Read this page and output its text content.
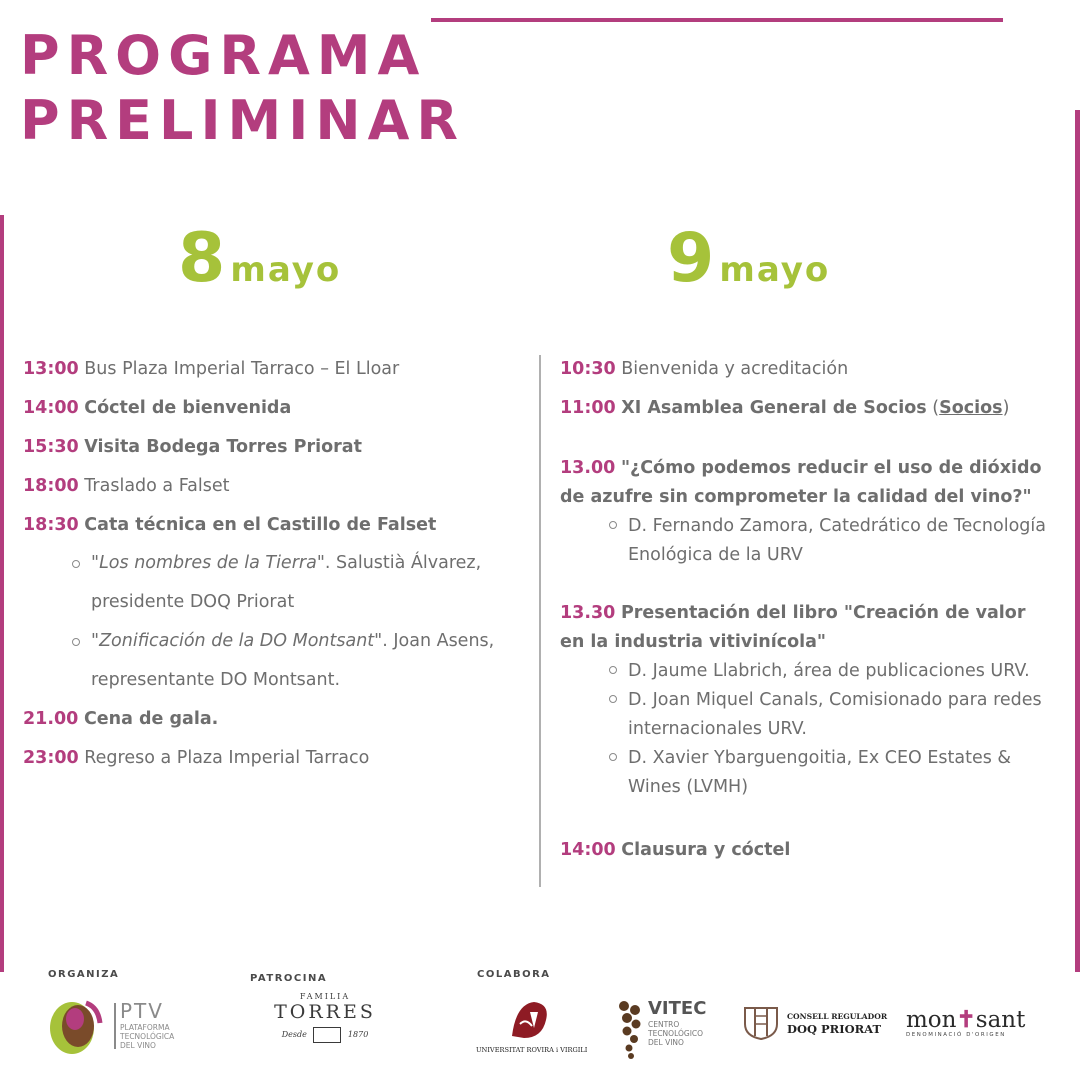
PROGRAMA
PRELIMINAR
8 mayo	9 mayo
13:00 Bus Plaza Imperial Tarraco – El Lloar
14:00 Cóctel de bienvenida
15:30 Visita Bodega Torres Priorat
18:00 Traslado a Falset
18:30 Cata técnica en el Castillo de Falset
"Los nombres de la Tierra". Salustià Álvarez,
presidente DOQ Priorat
"Zonificación de la DO Montsant". Joan Asens,
representante DO Montsant.
21.00 Cena de gala.
23:00 Regreso a Plaza Imperial Tarraco
10:30 Bienvenida y acreditación
11:00 XI Asamblea General de Socios (Socios)
13.00 "¿Cómo podemos reducir el uso de dióxido
de azufre sin comprometer la calidad del vino?"
D. Fernando Zamora, Catedrático de Tecnología
Enológica de la URV
13.30 Presentación del libro "Creación de valor
en la industria vitivinícola"
D. Jaume Llabrich, área de publicaciones URV.
D. Joan Miquel Canals, Comisionado para redes
internacionales URV.
D. Xavier Ybarguengoitia, Ex CEO Estates &
Wines (LVMH)
14:00 Clausura y cóctel
ORGANIZA	PATROCINA	COLABORA
PTV
PLATAFORMA
TECNOLÓGICA
DEL VINO
FAMILIA
TORRES
Desde	1870
UNIVERSITAT ROVIRA i VIRGILI
VITEC
CENTRO
TECNOLÓGICO
DEL VINO
CONSELL REGULADOR
DOQ PRIORAT mon✝sant
DENOMINACIÓ D'ORIGEN
